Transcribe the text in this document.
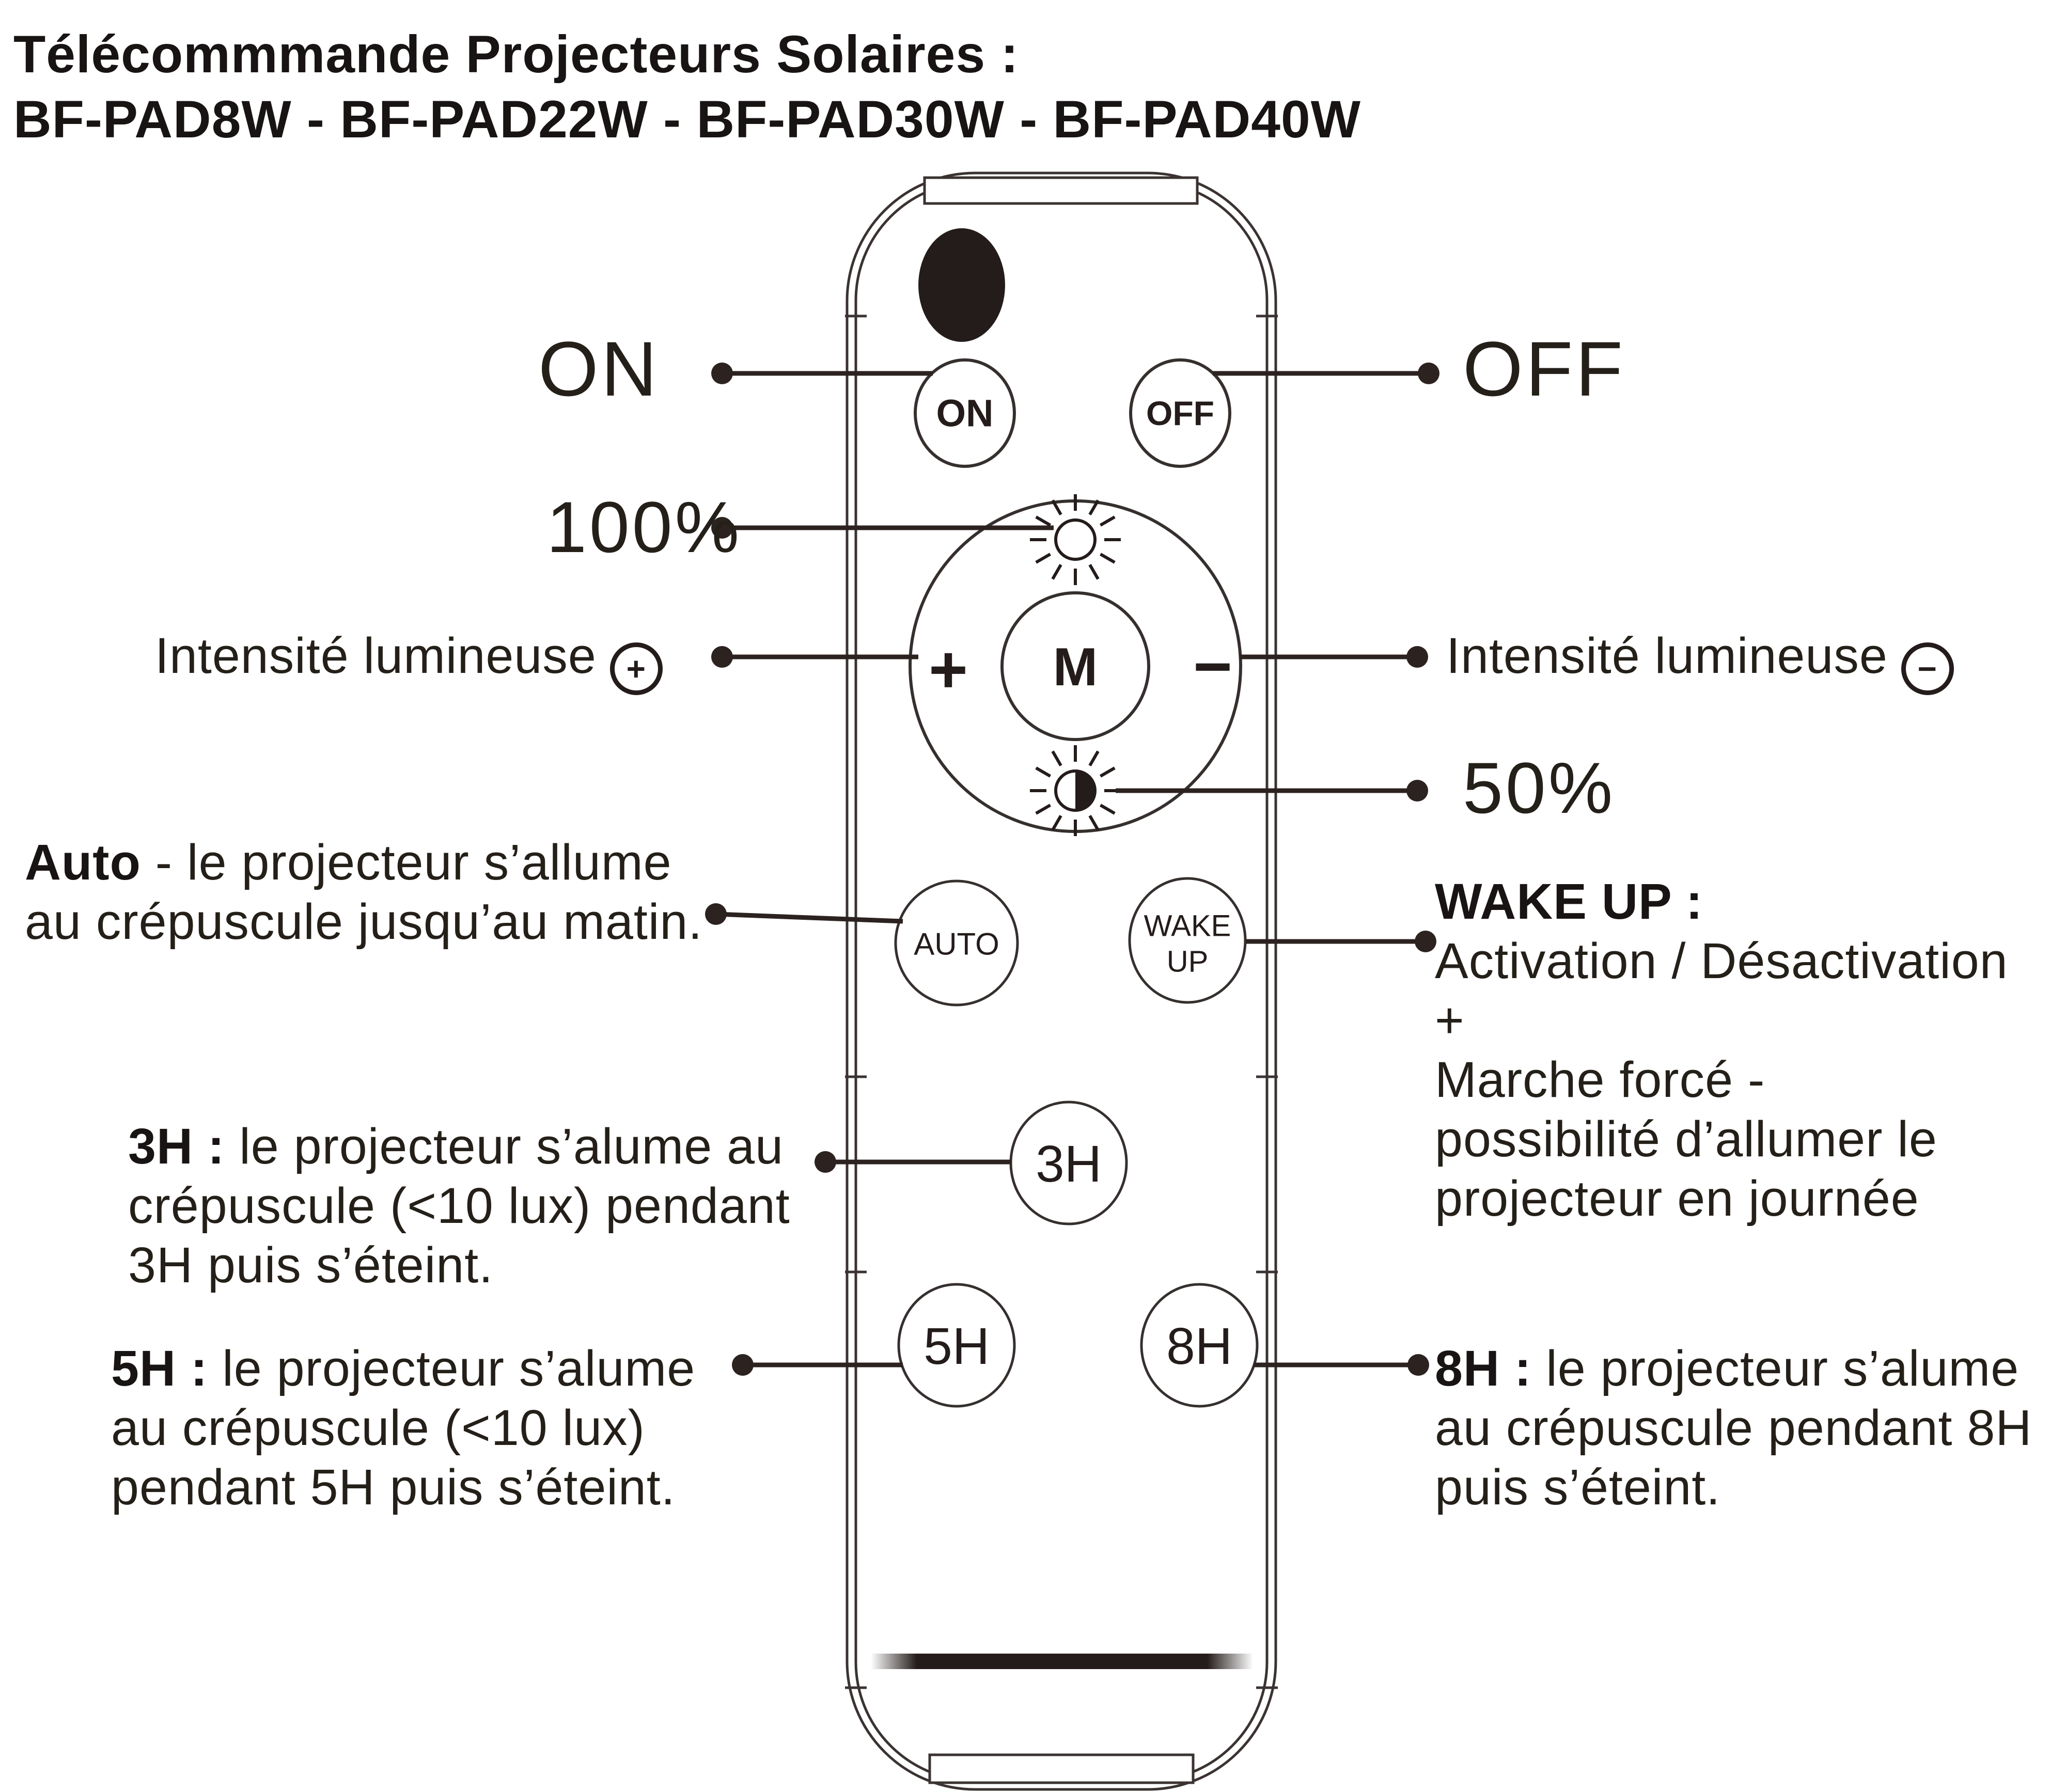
ON	OFF
M
+	−
AUTO
WAKE
UP
3H
5H	8H
Télécommmande Projecteurs Solaires :
BF-PAD8W - BF-PAD22W - BF-PAD30W - BF-PAD40W
ON	OFF
100%
Intensité lumineuse +	Intensité lumineuse −
50%
Auto - le projecteur s’allume
au crépuscule jusqu’au matin.	WAKE UP :
Activation / Désactivation
+
Marche forcé -
possibilité d’allumer le
projecteur en journée
3H : le projecteur s’alume au
crépuscule (<10 lux) pendant
3H puis s’éteint.
5H : le projecteur s’alume
au crépuscule (<10 lux)
pendant 5H puis s’éteint.
8H : le projecteur s’alume
au crépuscule pendant 8H
puis s’éteint.
